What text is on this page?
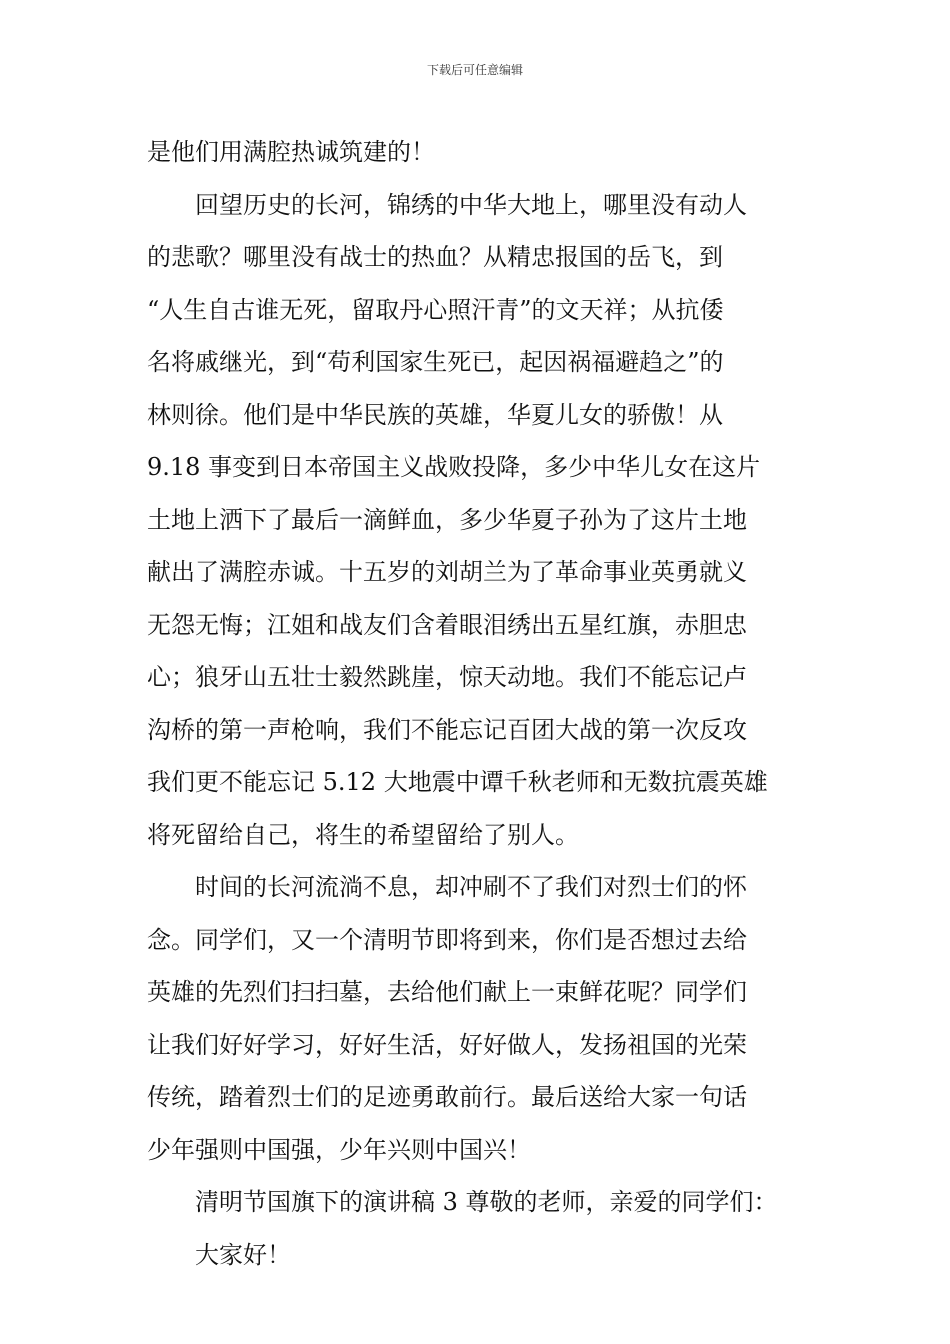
下载后可任意编辑
是他们用满腔热诚筑建的！
回望历史的长河，锦绣的中华大地上，哪里没有动人
的悲歌？哪里没有战士的热血？从精忠报国的岳飞，到
“人生自古谁无死，留取丹心照汗青”的文天祥；从抗倭
名将戚继光，到“苟利国家生死已，起因祸福避趋之”的
林则徐。他们是中华民族的英雄，华夏儿女的骄傲！从
9.18 事变到日本帝国主义战败投降，多少中华儿女在这片
土地上洒下了最后一滴鲜血，多少华夏子孙为了这片土地
献出了满腔赤诚。十五岁的刘胡兰为了革命事业英勇就义
无怨无悔；江姐和战友们含着眼泪绣出五星红旗，赤胆忠
心；狼牙山五壮士毅然跳崖，惊天动地。我们不能忘记卢
沟桥的第一声枪响，我们不能忘记百团大战的第一次反攻
我们更不能忘记 5.12 大地震中谭千秋老师和无数抗震英雄
将死留给自己，将生的希望留给了别人。
时间的长河流淌不息，却冲刷不了我们对烈士们的怀
念。同学们，又一个清明节即将到来，你们是否想过去给
英雄的先烈们扫扫墓，去给他们献上一束鲜花呢？同学们
让我们好好学习，好好生活，好好做人，发扬祖国的光荣
传统，踏着烈士们的足迹勇敢前行。最后送给大家一句话
少年强则中国强，少年兴则中国兴！
清明节国旗下的演讲稿 3 尊敬的老师，亲爱的同学们：
大家好！
